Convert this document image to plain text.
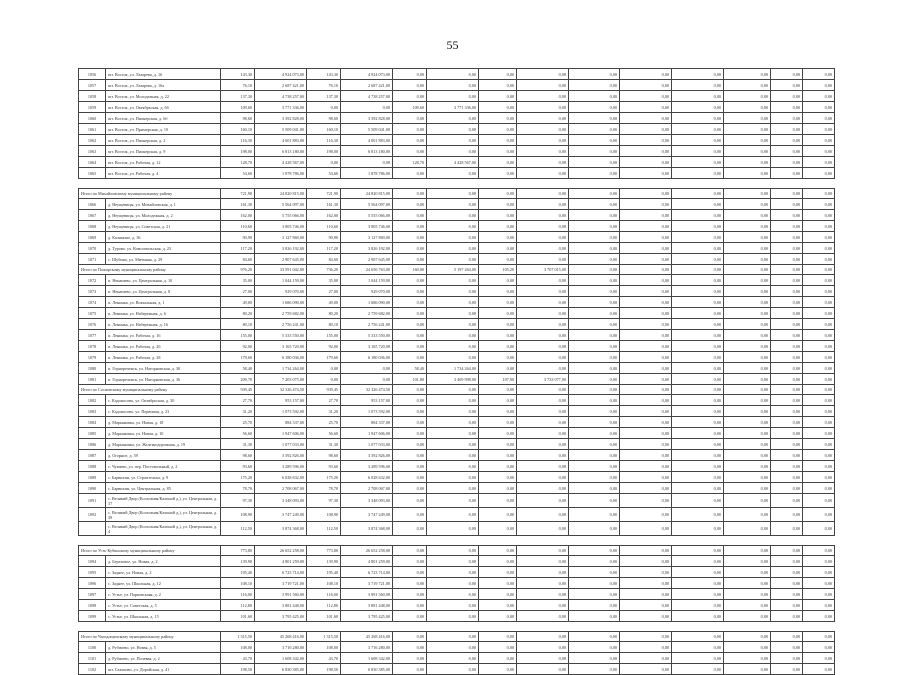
55
1056	шт. Восток, ул. Лазарева, д. 16	143,30	4 924 073,00	143,30	4 924 073,00	0,00	0,00	0,00	0,00	0,00	0,00	0,00	0,00	0,00	0,00
1057	шт. Восток, ул. Лазарева, д. 16а	76,10	2 687 421,00	76,10	2 687 421,00	0,00	0,00	0,00	0,00	0,00	0,00	0,00	0,00	0,00	0,00
1058	шт. Восток, ул. Молодежная, д. 22	137,30	4 738 257,00	137,30	4 738 257,00	0,00	0,00	0,00	0,00	0,00	0,00	0,00	0,00	0,00	0,00
1059	шт. Восток, ул. Октябрьская, д. 6б	109,60	3 771 336,00	0,00	0,00	109,60	3 771 336,00	0,00	0,00	0,00	0,00	0,00	0,00	0,00	0,00
1060	шт. Восток, ул. Пионерская, д. 6б	98,60	3 392 828,00	98,60	3 392 828,00	0,00	0,00	0,00	0,00	0,00	0,00	0,00	0,00	0,00	0,00
1061	шт. Восток, ул. Приморская, д. 10	160,10	5 509 041,00	160,10	5 509 041,00	0,00	0,00	0,00	0,00	0,00	0,00	0,00	0,00	0,00	0,00
1062	шт. Восток, ул. Пионерская, д. 2	116,30	4 001 883,00	116,30	4 001 883,00	0,00	0,00	0,00	0,00	0,00	0,00	0,00	0,00	0,00	0,00
1063	шт. Восток, ул. Пионерская, д. 9	198,00	6 813 180,00	198,00	6 813 180,00	0,00	0,00	0,00	0,00	0,00	0,00	0,00	0,00	0,00	0,00
1064	шт. Восток, ул. Рабочая, д. 12	128,70	4 428 567,00	0,00	0,00	128,70	4 428 567,00	0,00	0,00	0,00	0,00	0,00	0,00	0,00	0,00
1065	шт. Восток, ул. Рабочая, д. 4	54,60	1 878 786,00	54,60	1 878 786,00	0,00	0,00	0,00	0,00	0,00	0,00	0,00	0,00	0,00	0,00

Итого по Михайловскому муниципальному району		721,90	24 820 815,00	721,90	24 820 815,00	0,00	0,00	0,00	0,00	0,00	0,00	0,00	0,00	0,00	0,00
1066	д. Неущевицы, ул. Михайловская, д. 1	161,30	5 564 097,00	161,30	5 564 097,00	0,00	0,00	0,00	0,00	0,00	0,00	0,00	0,00	0,00	0,00
1067	д. Неущевицы, ул. Молодежная, д. 2	162,00	5 755 066,00	162,00	5 555 066,00	0,00	0,00	0,00	0,00	0,00	0,00	0,00	0,00	0,00	0,00
1068	д. Неущевицы, ул. Советская, д. 21	110,60	3 805 746,00	110,60	3 805 746,00	0,00	0,00	0,00	0,00	0,00	0,00	0,00	0,00	0,00	0,00
1069	д. Калинино, д. 36	90,90	3 127 869,00	90,90	3 127 869,00	0,00	0,00	0,00	0,00	0,00	0,00	0,00	0,00	0,00	0,00
1070	д. Турово, ул. Комсомольская, д. 23	117,20	3 826 192,00	117,20	3 826 192,00	0,00	0,00	0,00	0,00	0,00	0,00	0,00	0,00	0,00	0,00
1071	с. Шубино, ул. Мичмана, д. 29	84,60	2 907 645,00	84,60	2 907 645,00	0,00	0,00	0,00	0,00	0,00	0,00	0,00	0,00	0,00	0,00
Итого по Пожарскому муниципальному району		976,20	33 591 042,00	736,20	24 656 763,00	160,00	5 197 264,00	105,20	3 707 015,00	0,00	0,00	0,00	0,00	0,00	0,00
1072	п. Ненашево, ул. Центральная, д. 10	35,00	1 044 159,00	35,00	1 044 159,00	0,00	0,00	0,00	0,00	0,00	0,00	0,00	0,00	0,00	0,00
1073	п. Ненашево, ул. Центральная, д. 8	27,00	929 070,00	27,00	929 070,00	0,00	0,00	0,00	0,00	0,00	0,00	0,00	0,00	0,00	0,00
1074	п. Ленинка, ул. Вокзальная, д. 1	49,00	1 686 090,00	49,00	1 686 090,00	0,00	0,00	0,00	0,00	0,00	0,00	0,00	0,00	0,00	0,00
1075	п. Ленинка, ул. Набережная, д. 6	80,20	2 759 682,00	80,20	2 759 682,00	0,00	0,00	0,00	0,00	0,00	0,00	0,00	0,00	0,00	0,00
1076	п. Ленинка, ул. Набережная, д. 16	80,10	2 756 241,00	80,10	2 756 241,00	0,00	0,00	0,00	0,00	0,00	0,00	0,00	0,00	0,00	0,00
1077	п. Ленинка, ул. Рабочая, д. 16	155,00	5 333 550,00	155,00	5 333 550,00	0,00	0,00	0,00	0,00	0,00	0,00	0,00	0,00	0,00	0,00
1078	п. Ленинка, ул. Рабочая, д. 26	92,00	3 165 720,00	92,00	3 165 720,00	0,00	0,00	0,00	0,00	0,00	0,00	0,00	0,00	0,00	0,00
1079	п. Ленинка, ул. Рабочая, д. 28	179,60	6 180 036,00	179,60	6 180 036,00	0,00	0,00	0,00	0,00	0,00	0,00	0,00	0,00	0,00	0,00
1080	п. Горнореченск, ул. Нагорновская, д. 30	58,40	1 734 264,00	0,00	0,00	58,40	1 734 264,00	0,00	0,00	0,00	0,00	0,00	0,00	0,00	0,00
1081	п. Горнореченск, ул. Нагорновская, д. 36	209,70	7 203 075,00	0,00	0,00	101,80	3 469 998,00	107,90	3 733 077,00	0,00	0,00	0,00	0,00	0,00	0,00
Итого по Сосновскому муниципальному району		939,45	32 326 474,50	939,45	32 326 474,50	0,00	0,00	0,00	0,00	0,00	0,00	0,00	0,00	0,00	0,00
1082	с. Кадоносово, ул. Октябрьская, д. 30	27,70	953 157,00	27,70	953 157,00	0,00	0,00	0,00	0,00	0,00	0,00	0,00	0,00	0,00	0,00
1083	с. Кадоносово, ул. Первомая, д. 23	31,20	1 073 592,00	31,20	1 073 592,00	0,00	0,00	0,00	0,00	0,00	0,00	0,00	0,00	0,00	0,00
1084	д. Марьяновка, ул. Новая, д. 18	25,70	884 337,00	25,70	884 337,00	0,00	0,00	0,00	0,00	0,00	0,00	0,00	0,00	0,00	0,00
1085	д. Марьяновка, ул. Новая, д. 10	56,60	1 947 606,00	56,60	1 947 606,00	0,00	0,00	0,00	0,00	0,00	0,00	0,00	0,00	0,00	0,00
1086	д. Марьяновка, ул. Железнодорожная, д. 19	31,30	1 077 033,00	31,30	1 077 033,00	0,00	0,00	0,00	0,00	0,00	0,00	0,00	0,00	0,00	0,00
1087	д. Огорное, д. 39	98,60	3 392 826,00	98,60	3 392 826,00	0,00	0,00	0,00	0,00	0,00	0,00	0,00	0,00	0,00	0,00
1088	с. Чуваево, ул. пер. Постовальный, д. 2	93,60	3 289 596,00	93,60	3 289 596,00	0,00	0,00	0,00	0,00	0,00	0,00	0,00	0,00	0,00	0,00
1089	с. Барвихин, ул. Строителька, д. 9	175,20	6 028 632,00	175,20	6 028 632,00	0,00	0,00	0,00	0,00	0,00	0,00	0,00	0,00	0,00	0,00
1090	с. Барвихин, ул. Центральная, д. 85	78,70	2 708 067,00	78,70	2 708 067,00	0,00	0,00	0,00	0,00	0,00	0,00	0,00	0,00	0,00	0,00
1091	с. Великий Двор (Колхозная/Калиной д.), ул. Центральная, д. 37	97,30	3 348 093,00	97,30	3 348 093,00	0,00	0,00	0,00	0,00	0,00	0,00	0,00	0,00	0,00	0,00
1092	с. Великий Двор (Колхозная/Калиной д.), ул. Центральная, д. 39	108,90	3 747 249,00	108,90	3 747 249,00	0,00	0,00	0,00	0,00	0,00	0,00	0,00	0,00	0,00	0,00
	с. Великий Двор (Колхозная/Калиной д.), ул. Центральная, д. 4	112,50	3 874 368,00	112,50	3 874 368,00	0,00	0,00	0,00	0,00	0,00	0,00	0,00	0,00	0,00	0,00

Итого по Усть-Кубинскому муниципальному району		773,80	26 652 258,00	773,80	26 652 258,00	0,00	0,00	0,00	0,00	0,00	0,00	0,00	0,00	0,00	0,00
1094	д. Березовое, ул. Новая, д. 2	139,90	4 801 259,00	139,90	4 801 259,00	0,00	0,00	0,00	0,00	0,00	0,00	0,00	0,00	0,00	0,00
1095	с. Заднее, ул. Новая, д. 2	195,40	6 723 714,00	195,40	6 723 714,00	0,00	0,00	0,00	0,00	0,00	0,00	0,00	0,00	0,00	0,00
1096	с. Заднее, ул. Школьная, д. 12	108,10	3 719 721,00	108,10	3 719 721,00	0,00	0,00	0,00	0,00	0,00	0,00	0,00	0,00	0,00	0,00
1097	с. Устье, ул. Парковскаяя, д. 2	116,00	3 991 560,00	116,00	3 991 560,00	0,00	0,00	0,00	0,00	0,00	0,00	0,00	0,00	0,00	0,00
1098	с. Устье, ул. Советская, д. 5	112,80	3 881 448,00	112,80	3 881 448,00	0,00	0,00	0,00	0,00	0,00	0,00	0,00	0,00	0,00	0,00
1099	с. Устье, ул. Школьная, д. 15	101,60	3 795 425,00	101,60	3 795 425,00	0,00	0,00	0,00	0,00	0,00	0,00	0,00	0,00	0,00	0,00

Итого по Чагодощенскому муниципальному району		1 315,50	45 268 416,00	1 315,50	45 268 416,00	0,00	0,00	0,00	0,00	0,00	0,00	0,00	0,00	0,00	0,00
1100	д. Рубачево, ул. Новая, д. 5	108,00	3 716 280,00	108,00	3 716 280,00	0,00	0,00	0,00	0,00	0,00	0,00	0,00	0,00	0,00	0,00
1101	д. Рубачево, ул. Полевая, д. 2	43,70	1 608 342,00	43,70	1 608 342,00	0,00	0,00	0,00	0,00	0,00	0,00	0,00	0,00	0,00	0,00
1102	шт. Сазоново, ул. Доройская, д. 41	198,50	6 830 385,00	198,50	6 830 385,00	0,00	0,00	0,00	0,00	0,00	0,00	0,00	0,00	0,00	0,00
